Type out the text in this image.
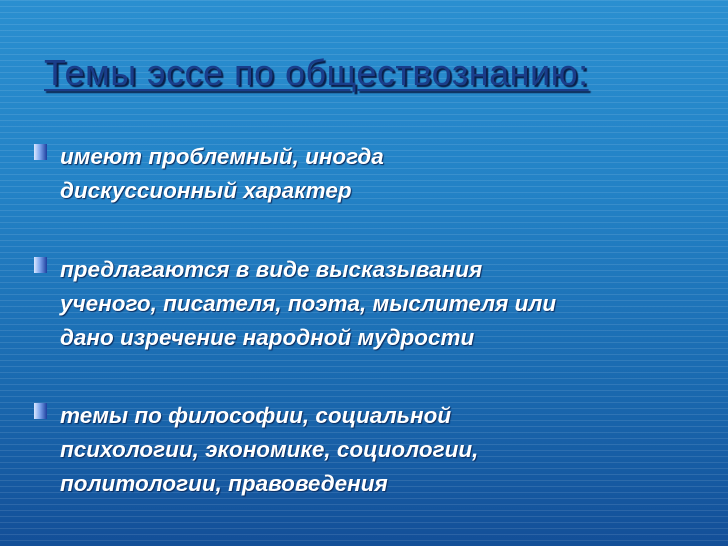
Темы эссе по обществознанию:
имеют проблемный, иногда
дискуссионный характер
предлагаются в виде высказывания
ученого, писателя, поэта, мыслителя или
дано изречение народной мудрости
темы по философии, социальной
психологии, экономике, социологии,
политологии, правоведения
